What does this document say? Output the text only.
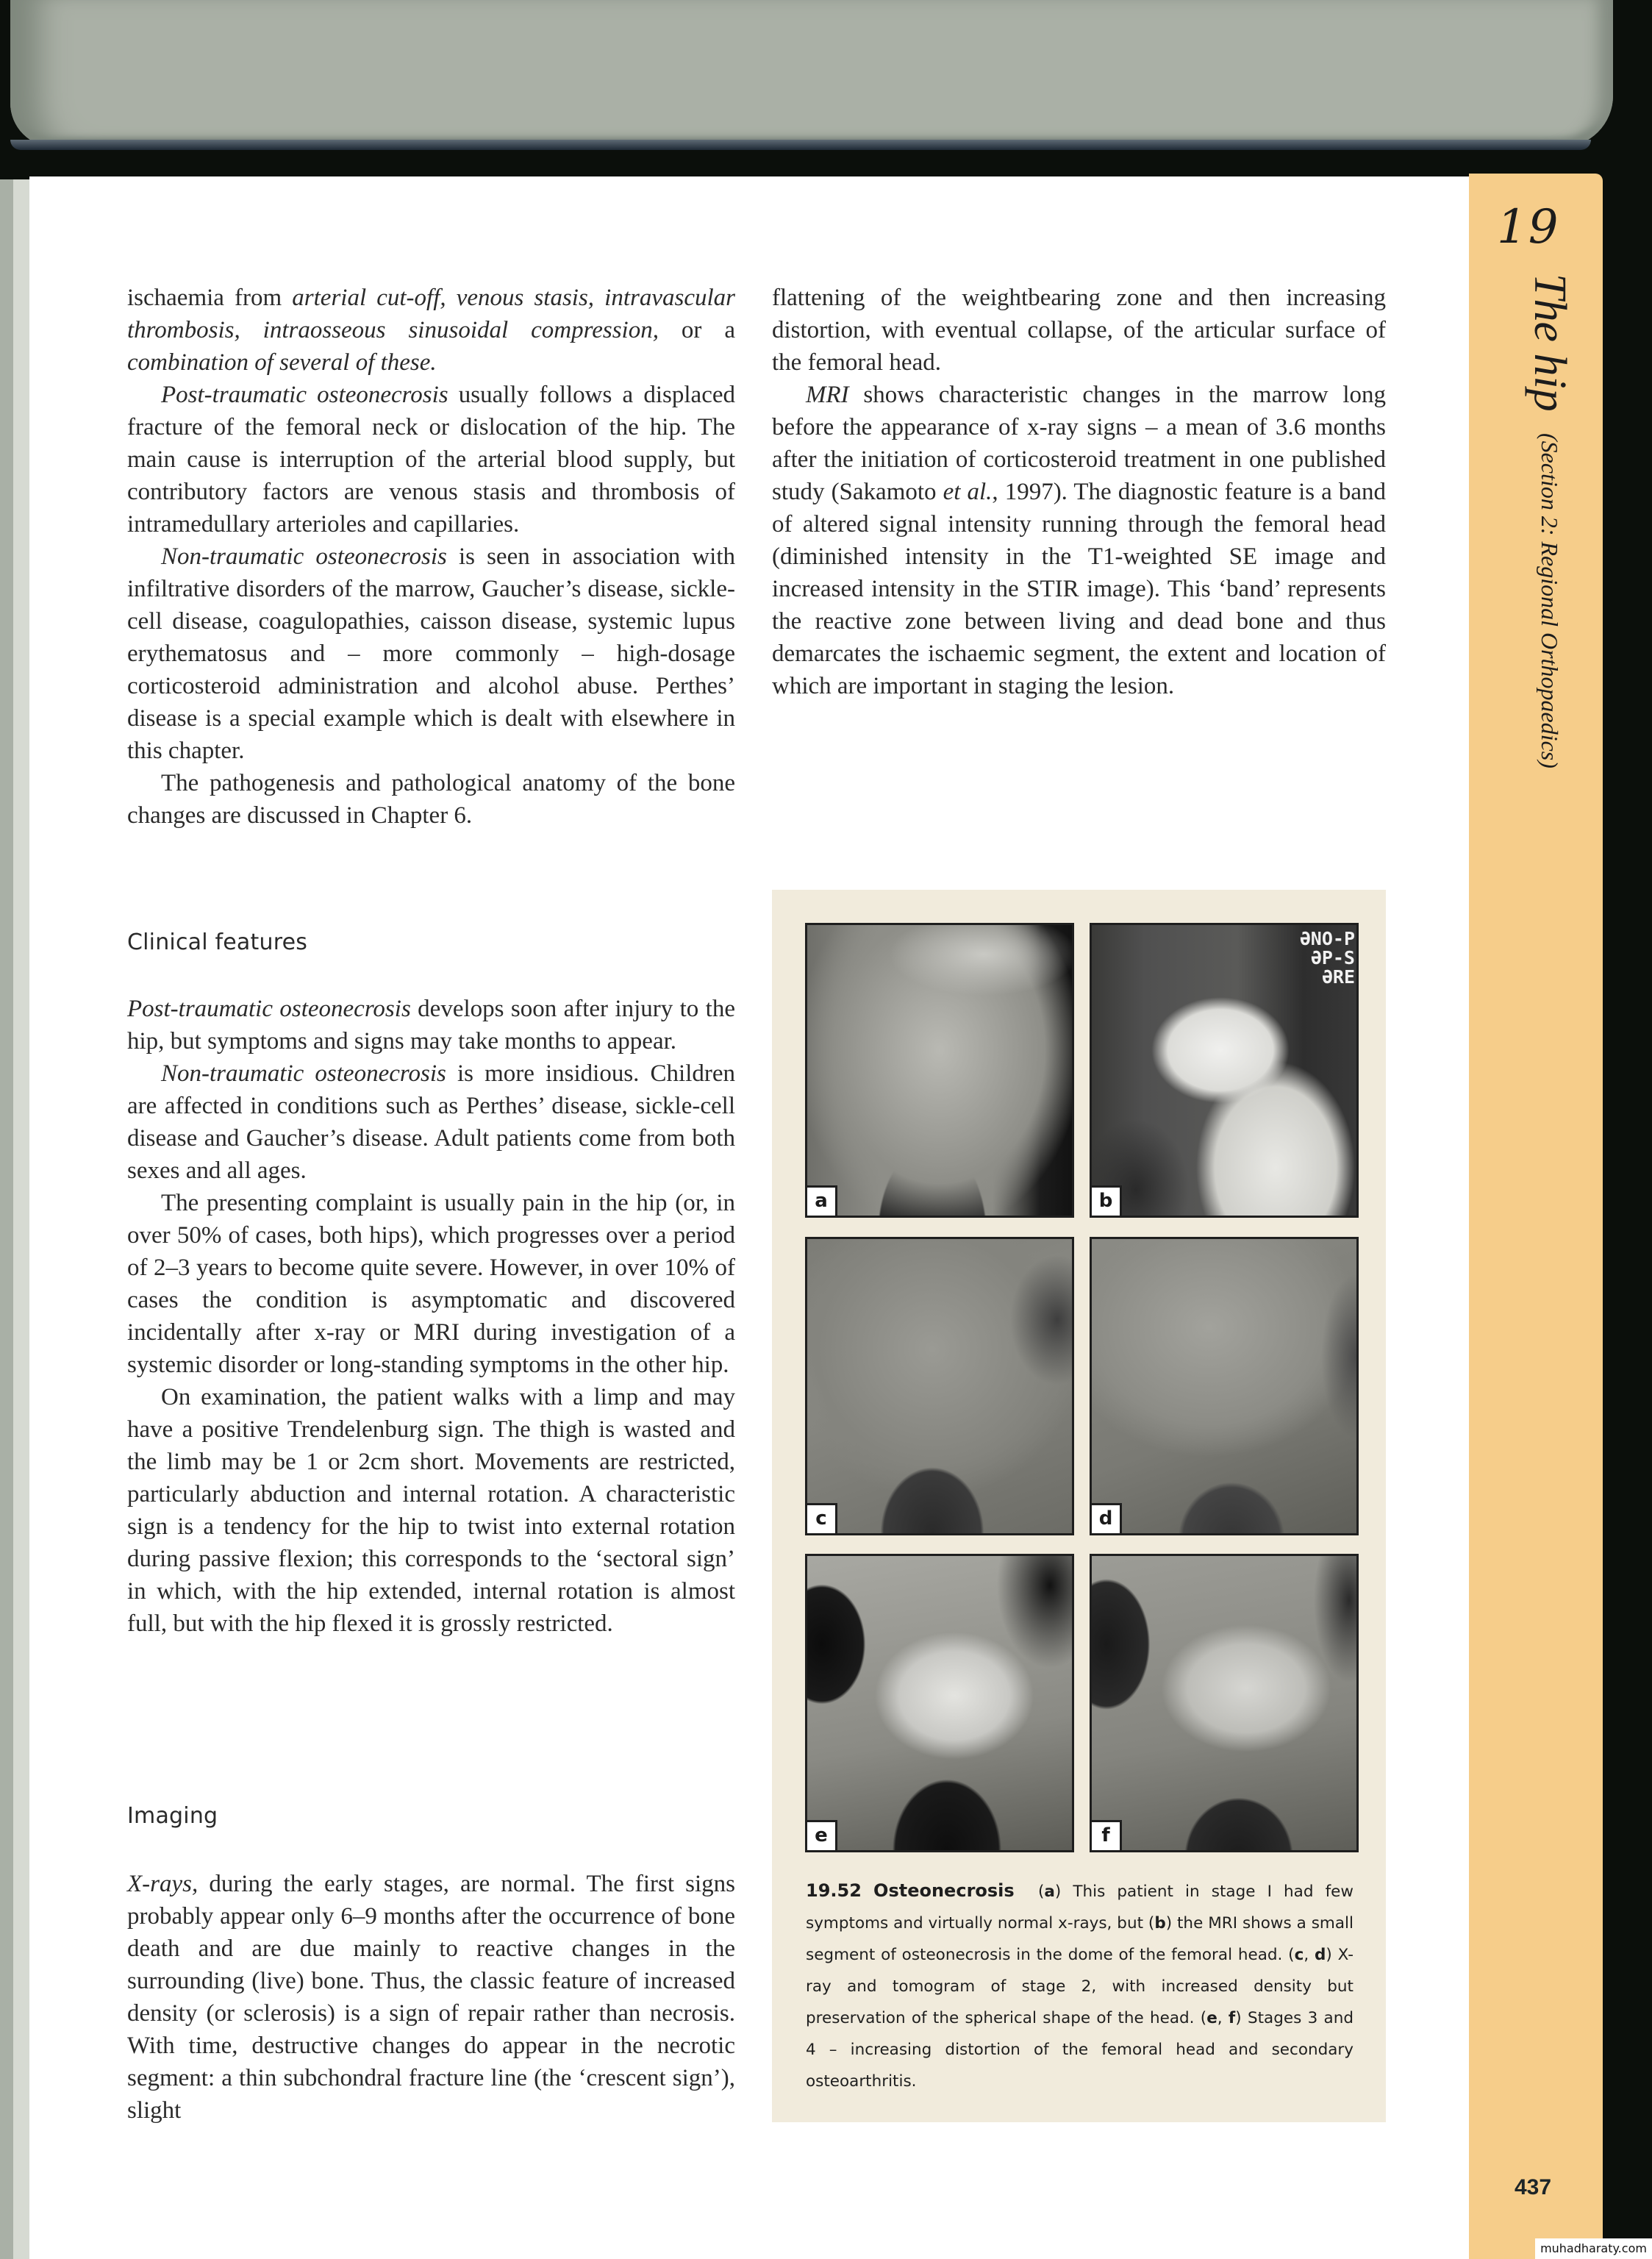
19
The hip (Section 2: Regional Orthopaedics)
437
muhadharaty.com

ischaemia from arterial cut-off, venous stasis, intravascular thrombosis, intraosseous sinusoidal compression, or a combination of several of these.

Post-traumatic osteonecrosis usually follows a displaced fracture of the femoral neck or dislocation of the hip. The main cause is interruption of the arterial blood supply, but contributory factors are venous stasis and thrombosis of intramedullary arterioles and capillaries.

Non-traumatic osteonecrosis is seen in association with infiltrative disorders of the marrow, Gaucher’s disease, sickle-cell disease, coagulopathies, caisson disease, systemic lupus erythematosus and – more commonly – high-dosage corticosteroid administration and alcohol abuse. Perthes’ disease is a special example which is dealt with elsewhere in this chapter.

The pathogenesis and pathological anatomy of the bone changes are discussed in Chapter 6.

Clinical features

Post-traumatic osteonecrosis develops soon after injury to the hip, but symptoms and signs may take months to appear.

Non-traumatic osteonecrosis is more insidious. Children are affected in conditions such as Perthes’ disease, sickle-cell disease and Gaucher’s disease. Adult patients come from both sexes and all ages.

The presenting complaint is usually pain in the hip (or, in over 50% of cases, both hips), which progresses over a period of 2–3 years to become quite severe. However, in over 10% of cases the condition is asymptomatic and discovered incidentally after x-ray or MRI during investigation of a systemic disorder or long-standing symptoms in the other hip.

On examination, the patient walks with a limp and may have a positive Trendelenburg sign. The thigh is wasted and the limb may be 1 or 2cm short. Movements are restricted, particularly abduction and internal rotation. A characteristic sign is a tendency for the hip to twist into external rotation during passive flexion; this corresponds to the ‘sectoral sign’ in which, with the hip extended, internal rotation is almost full, but with the hip flexed it is grossly restricted.

Imaging

X-rays, during the early stages, are normal. The first signs probably appear only 6–9 months after the occurrence of bone death and are due mainly to reactive changes in the surrounding (live) bone. Thus, the classic feature of increased density (or sclerosis) is a sign of repair rather than necrosis. With time, destructive changes do appear in the necrotic segment: a thin subchondral fracture line (the ‘crescent sign’), slight

flattening of the weightbearing zone and then increasing distortion, with eventual collapse, of the articular surface of the femoral head.

MRI shows characteristic changes in the marrow long before the appearance of x-ray signs – a mean of 3.6 months after the initiation of corticosteroid treatment in one published study (Sakamoto et al., 1997). The diagnostic feature is a band of altered signal intensity running through the femoral head (diminished intensity in the T1-weighted SE image and increased intensity in the STIR image). This ‘band’ represents the reactive zone between living and dead bone and thus demarcates the ischaemic segment, the extent and location of which are important in staging the lesion.

a
ƏNO-P
ƏP-S
ƏRE
b
c	d
e	f
19.52 Osteonecrosis (a) This patient in stage I had few symptoms and virtually normal x-rays, but (b) the MRI shows a small segment of osteonecrosis in the dome of the femoral head. (c, d) X-ray and tomogram of stage 2, with increased density but preservation of the spherical shape of the head. (e, f) Stages 3 and 4 – increasing distortion of the femoral head and secondary osteoarthritis.
